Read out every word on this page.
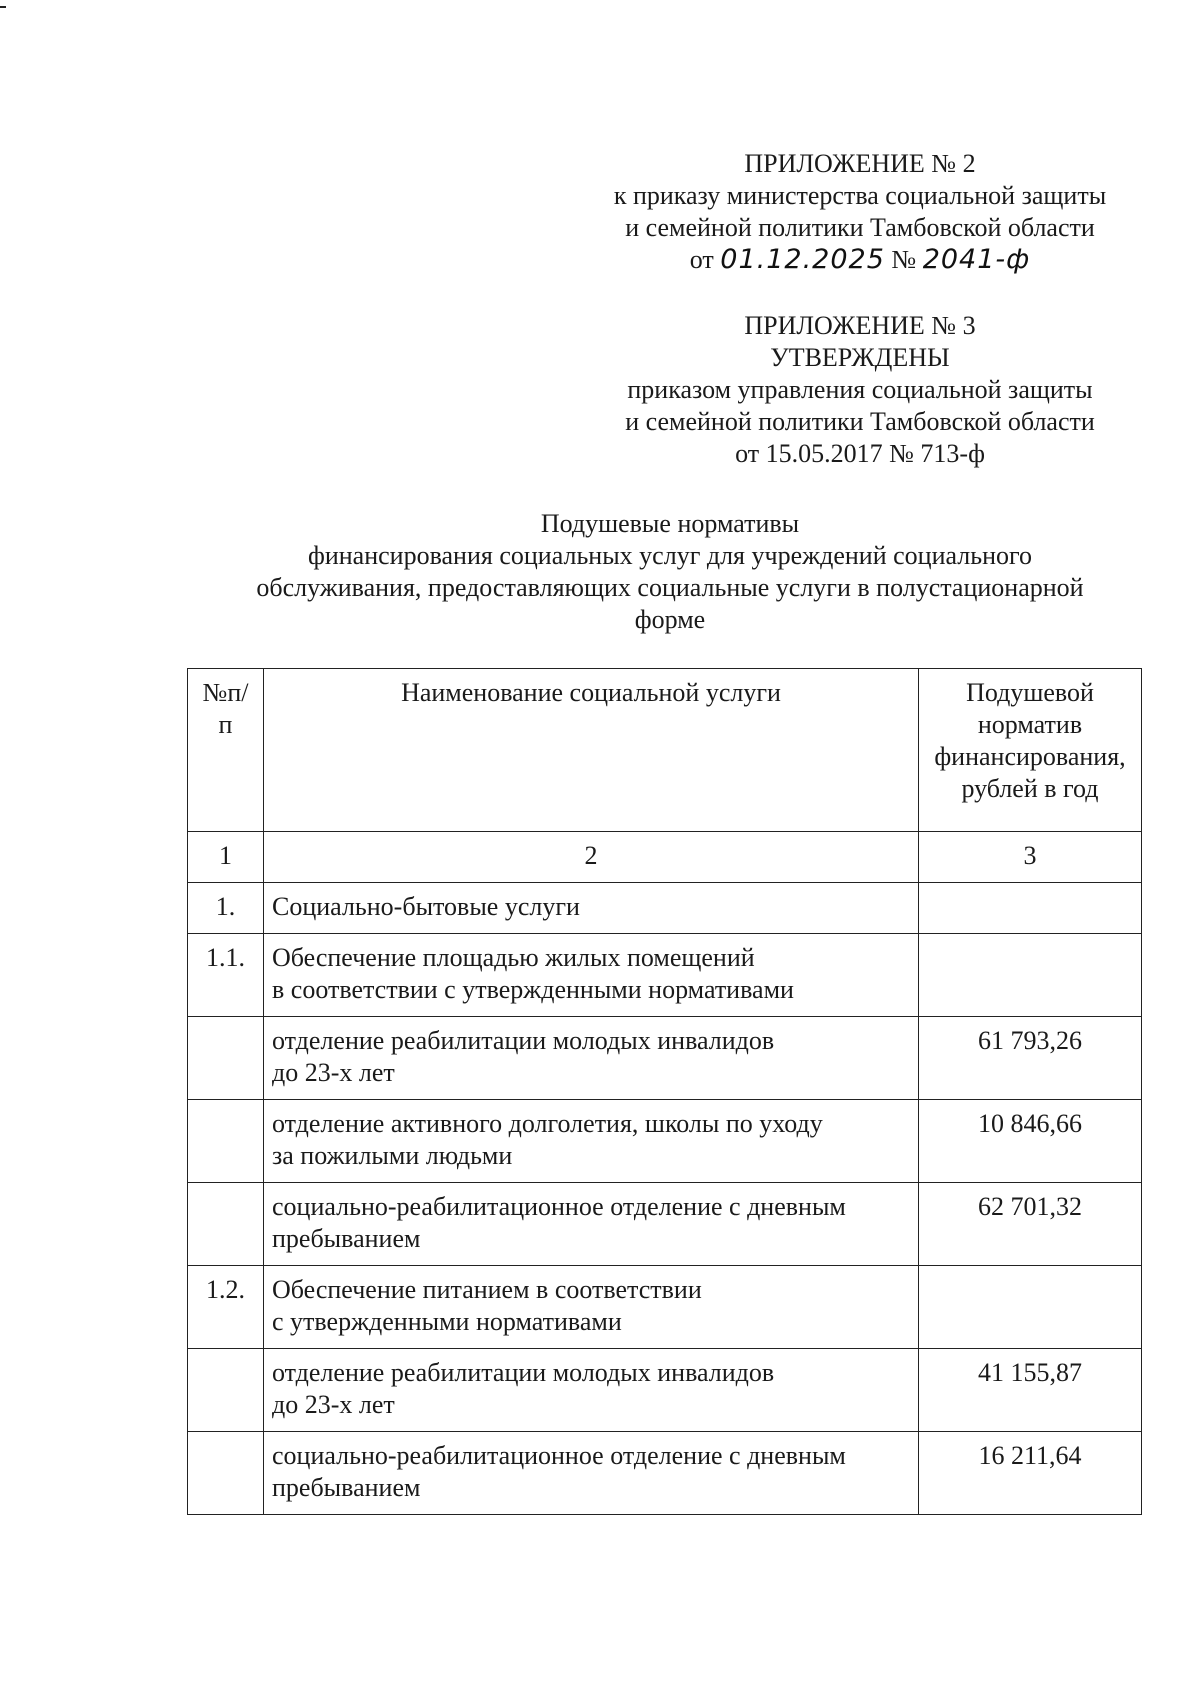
ПРИЛОЖЕНИЕ № 2
к приказу министерства социальной защиты
и семейной политики Тамбовской области
от 01.12.2025 № 2041-ф
ПРИЛОЖЕНИЕ № 3
УТВЕРЖДЕНЫ
приказом управления социальной защиты
и семейной политики Тамбовской области
от 15.05.2017 № 713-ф
Подушевые нормативы
финансирования социальных услуг для учреждений социального
обслуживания, предоставляющих социальные услуги в полустационарной
форме
№п/п	Наименование социальной услуги	Подушевой
норматив
финансирования,
рублей в год

1	2	3
1.	Социально-бытовые услуги	

1.1.	Обеспечение площадью жилых помещений
в соответствии с утвержденными нормативами	

	отделение реабилитации молодых инвалидов
до 23-х лет	61 793,26

	отделение активного долголетия, школы по уходу
за пожилыми людьми	10 846,66

	социально-реабилитационное отделение с дневным
пребыванием	62 701,32
1.2.	Обеспечение питанием в соответствии
с утвержденными нормативами	

	отделение реабилитации молодых инвалидов
до 23-х лет	41 155,87

	социально-реабилитационное отделение с дневным
пребыванием	16 211,64
